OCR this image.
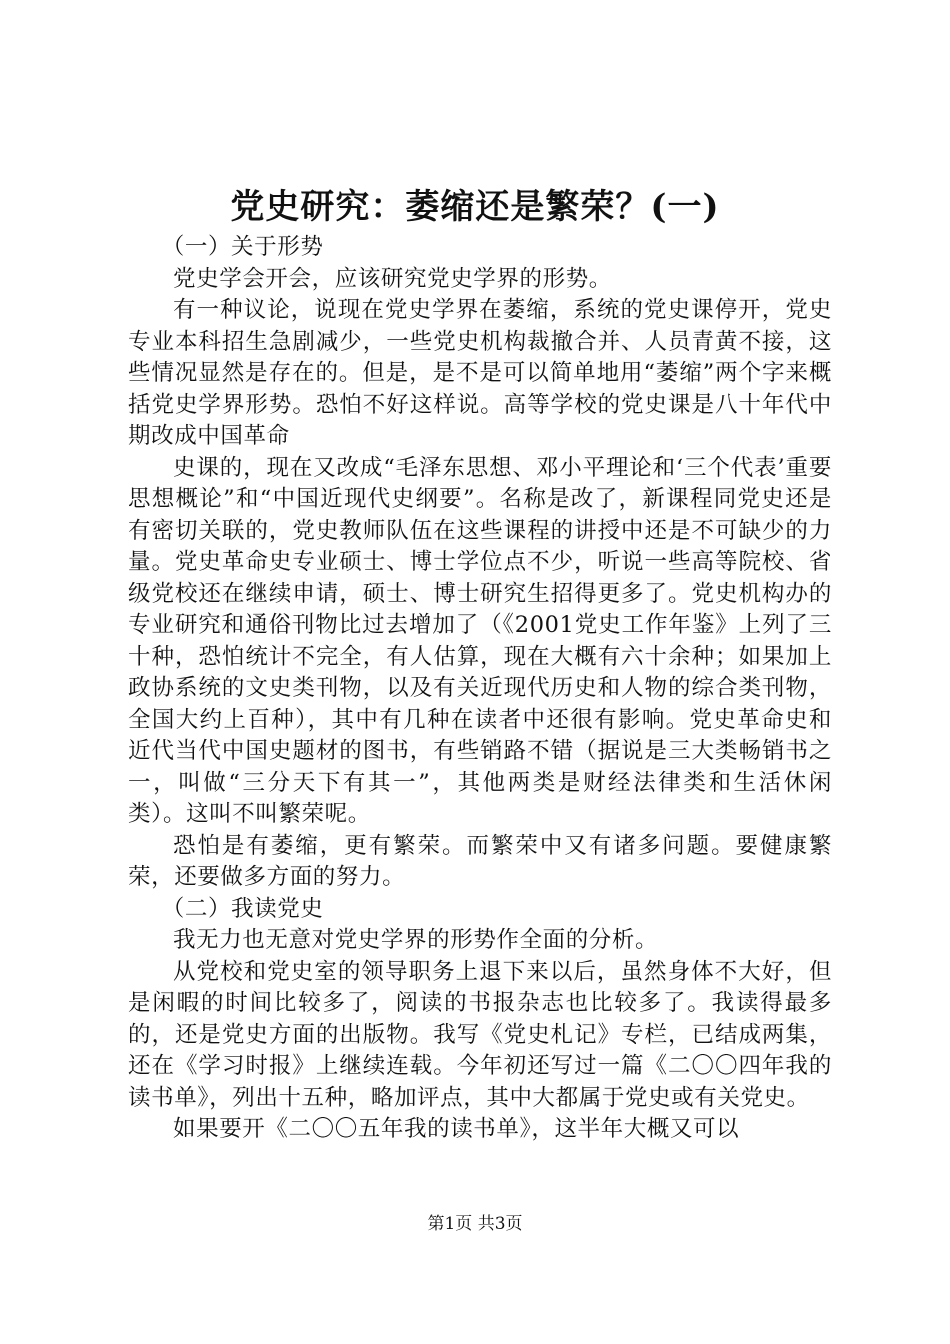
党史研究：萎缩还是繁荣？(一)

（一）关于形势

党史学会开会，应该研究党史学界的形势。

有一种议论，说现在党史学界在萎缩，系统的党史课停开，党史专业本科招生急剧减少，一些党史机构裁撤合并、人员青黄不接，这些情况显然是存在的。但是，是不是可以简单地用“萎缩”两个字来概括党史学界形势。恐怕不好这样说。高等学校的党史课是八十年代中期改成中国革命

史课的，现在又改成“毛泽东思想、邓小平理论和‘三个代表’重要思想概论”和“中国近现代史纲要”。名称是改了，新课程同党史还是有密切关联的，党史教师队伍在这些课程的讲授中还是不可缺少的力量。党史革命史专业硕士、博士学位点不少，听说一些高等院校、省级党校还在继续申请，硕士、博士研究生招得更多了。党史机构办的专业研究和通俗刊物比过去增加了（《2001党史工作年鉴》上列了三十种，恐怕统计不完全，有人估算，现在大概有六十余种；如果加上政协系统的文史类刊物，以及有关近现代历史和人物的综合类刊物，全国大约上百种），其中有几种在读者中还很有影响。党史革命史和近代当代中国史题材的图书，有些销路不错（据说是三大类畅销书之一，叫做“三分天下有其一”，其他两类是财经法律类和生活休闲类）。这叫不叫繁荣呢。

恐怕是有萎缩，更有繁荣。而繁荣中又有诸多问题。要健康繁荣，还要做多方面的努力。

（二）我读党史

我无力也无意对党史学界的形势作全面的分析。

从党校和党史室的领导职务上退下来以后，虽然身体不大好，但是闲暇的时间比较多了，阅读的书报杂志也比较多了。我读得最多的，还是党史方面的出版物。我写《党史札记》专栏，已结成两集，还在《学习时报》上继续连载。今年初还写过一篇《二〇〇四年我的读书单》，列出十五种，略加评点，其中大都属于党史或有关党史。

如果要开《二〇〇五年我的读书单》，这半年大概又可以

第1页 共3页
